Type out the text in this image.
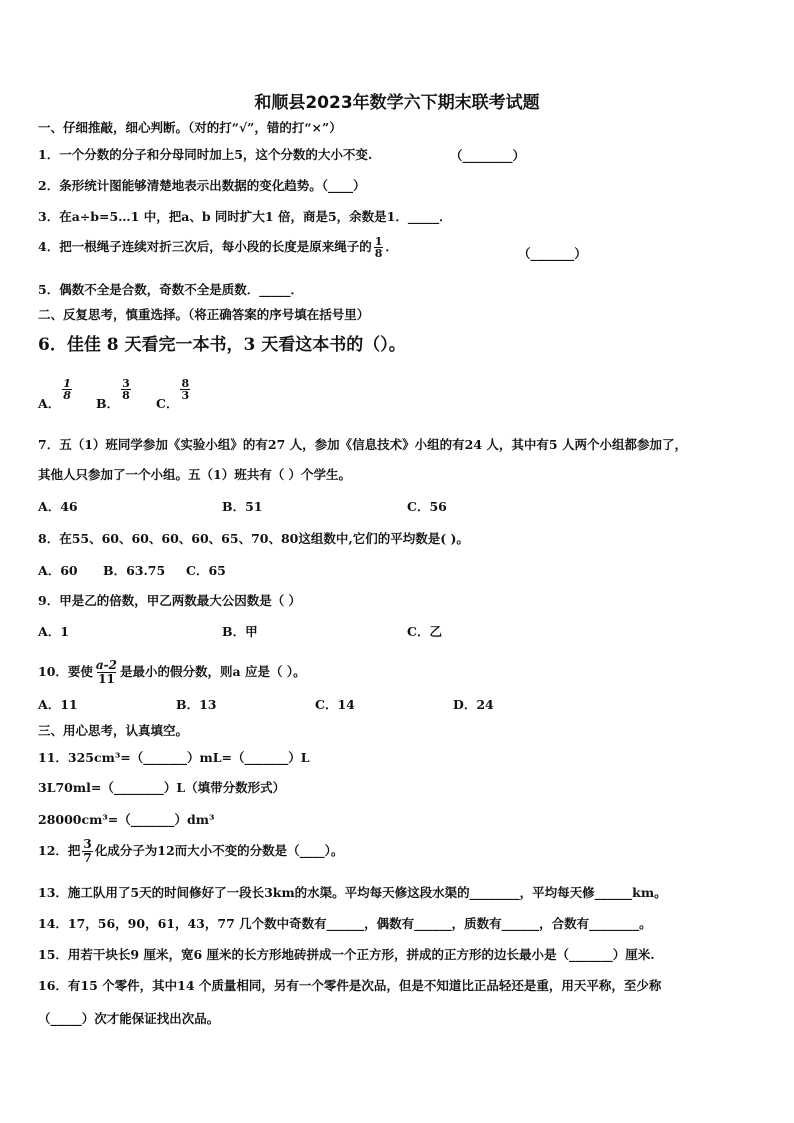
和顺县2023年数学六下期末联考试题
一、仔细推敲，细心判断。（对的打“√”，错的打“×”）
1．一个分数的分子和分母同时加上5，这个分数的大小不变.	（________）
2．条形统计图能够清楚地表示出数据的变化趋势。（____）
3．在a÷b=5…1 中，把a、b 同时扩大1 倍，商是5，余数是1．_____．
4．把一根绳子连续对折三次后，每小段的长度是原来绳子的 $\frac{1}{8}$ ．	（_______）
5．偶数不全是合数，奇数不全是质数．_____．
二、反复思考，慎重选择。（将正确答案的序号填在括号里）
6．佳佳 8 天看完一本书，3 天看这本书的（）。
A．
$\frac{1}{8}$
B．
$\frac{3}{8}$
C．
$\frac{8}{3}$
7．五（1）班同学参加《实验小组》的有27 人，参加《信息技术》小组的有24 人，其中有5 人两个小组都参加了，
其他人只参加了一个小组。五（1）班共有（ ）个学生。
A．46	B．51	C．56
8．在55、60、60、60、60、65、70、80这组数中,它们的平均数是( )。
A．60 B．63.75 C．65
9．甲是乙的倍数，甲乙两数最大公因数是（ ）
A．1	B．甲	C．乙
10．要使 $\frac{a-2}{11}$ 是最小的假分数，则a 应是（ ）。
A．11	B．13	C．14	D．24
三、用心思考，认真填空。
11．325cm³=（_______）mL=（_______）L
3L70ml=（________）L（填带分数形式）
28000cm³=（_______）dm³
12．把 $\frac{3}{7}$ 化成分子为12而大小不变的分数是（____）。
13．施工队用了5天的时间修好了一段长3km的水渠。平均每天修这段水渠的________，平均每天修______km。
14．17，56，90，61，43，77 几个数中奇数有______，偶数有______，质数有______，合数有________。
15．用若干块长9 厘米，宽6 厘米的长方形地砖拼成一个正方形，拼成的正方形的边长最小是（_______）厘米.
16．有15 个零件，其中14 个质量相同，另有一个零件是次品，但是不知道比正品轻还是重，用天平称，至少称
（_____）次才能保证找出次品。
